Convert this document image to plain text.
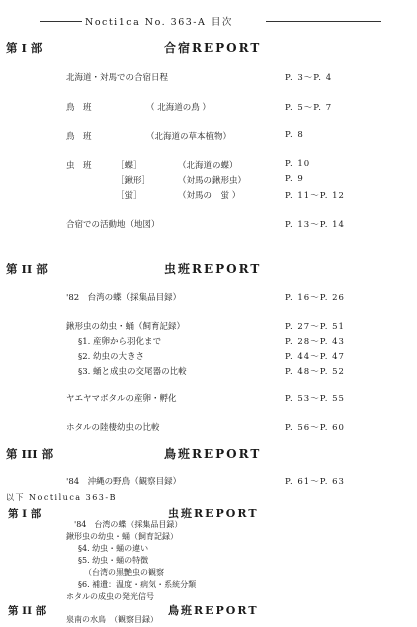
Nocti1ca No. 363-A 目次
第 I 部	合宿REPORT
北海道・対馬での合宿日程	P. 3〜P. 4
鳥　班	（ 北海道の鳥 ）	P. 5〜P. 7
鳥　班	（北海道の草本植物）	P. 8
虫　班	［蝶］	（北海道の蝶）	P. 10
［鍬形］	（対馬の鍬形虫）	P. 9
［蛍］	（対馬の　蛍 ）	P. 11〜P. 12
合宿での活動地（地図）	P. 13〜P. 14
第 II 部	虫班REPORT
'82　台湾の蝶（採集品目録）	P. 16〜P. 26
鍬形虫の幼虫・蛹（飼育記録）	P. 27〜P. 51
§1. 産卵から羽化まで	P. 28〜P. 43
§2. 幼虫の大きさ	P. 44〜P. 47
§3. 蛹と成虫の交尾器の比較	P. 48〜P. 52
ヤエヤマボタルの産卵・孵化	P. 53〜P. 55
ホタルの陸棲幼虫の比較	P. 56〜P. 60
第 III 部	鳥班REPORT
'84　沖縄の野鳥（観察目録）	P. 61〜P. 63
以下 Noctiluca 363-B
第 I 部	虫班REPORT
'84　台湾の蝶（採集品目録）
鍬形虫の幼虫・蛹（飼育記録）
§4. 幼虫・蛹の違い
§5. 幼虫・蛹の特徴
（台湾の黒艶虫の観察
§6. 補遺：温度・病気・系統分類
ホタルの成虫の発光信号
第 II 部	鳥班REPORT
泉南の水鳥　（観察目録）
